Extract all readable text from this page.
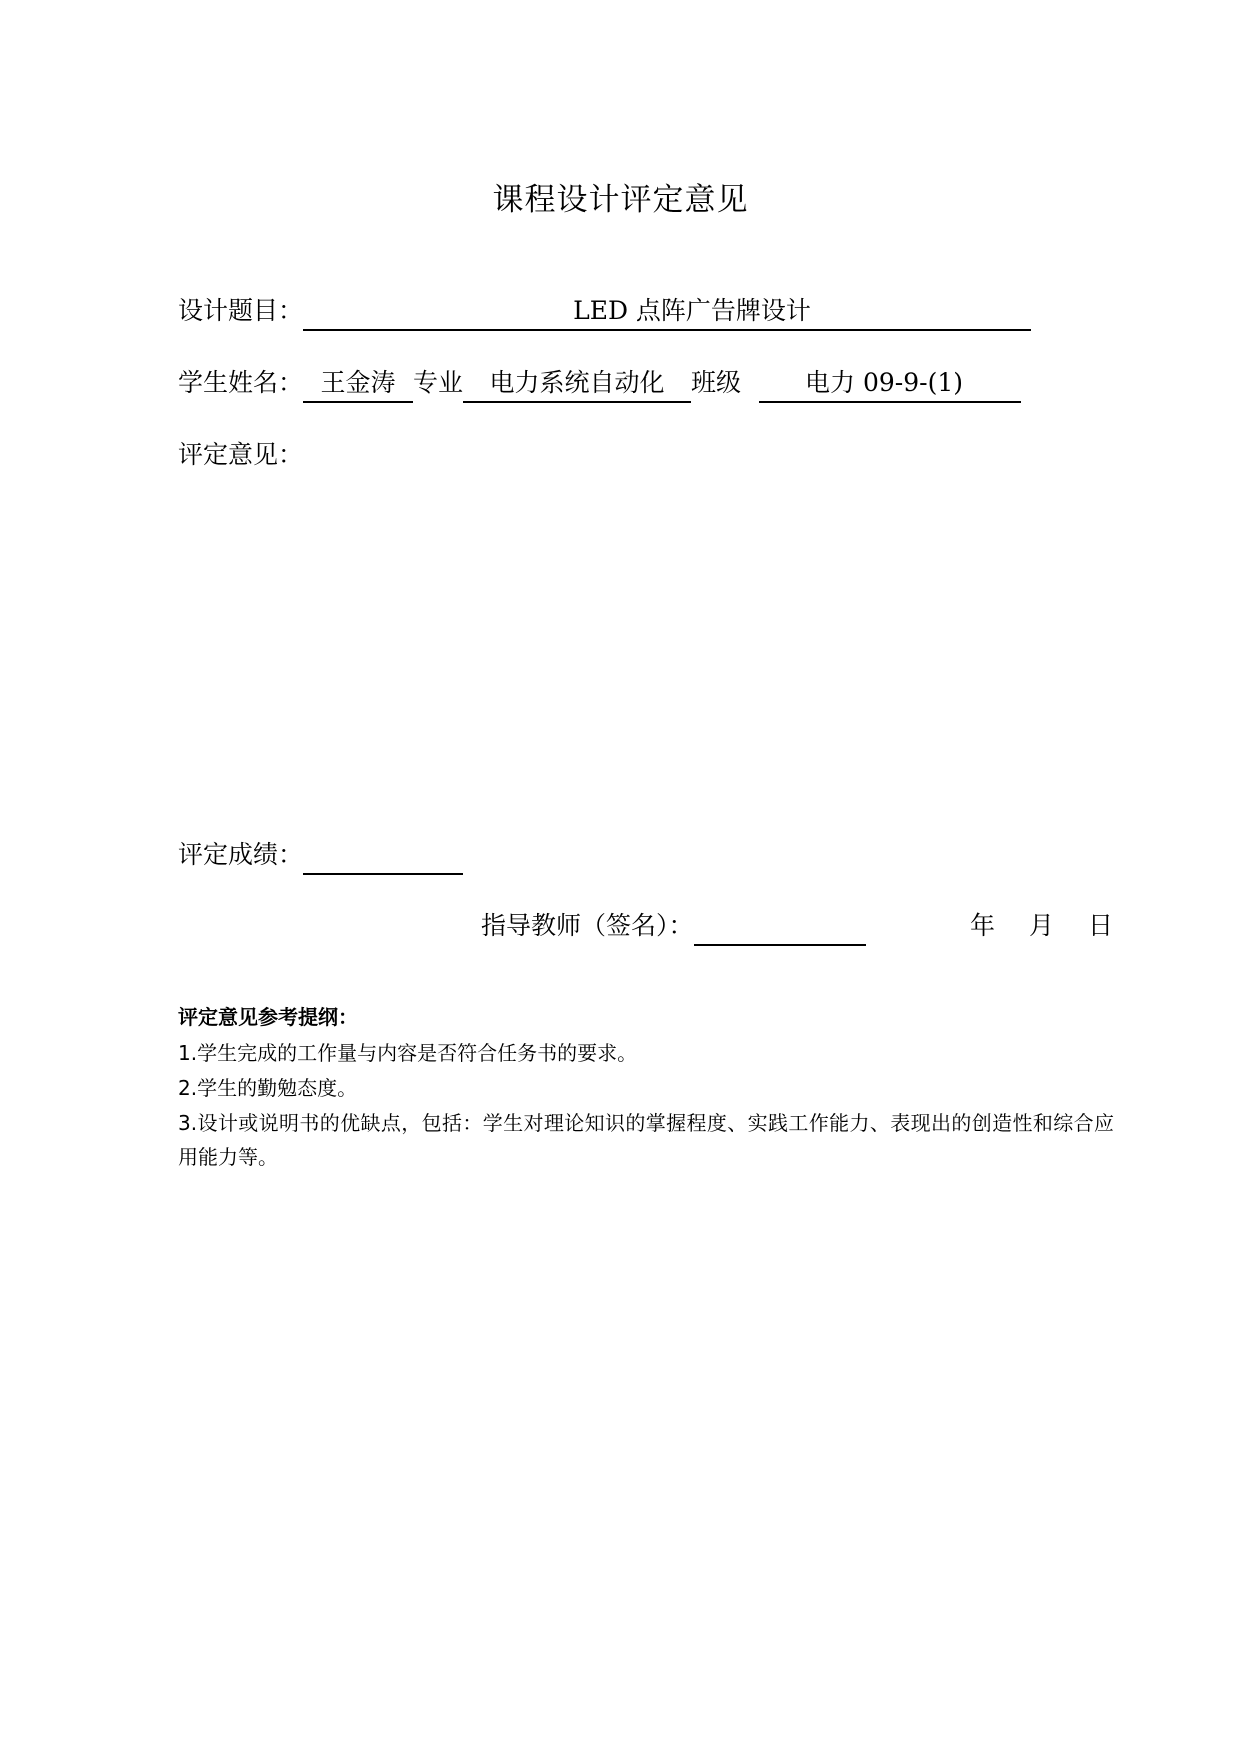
课程设计评定意见
设计题目：	LED 点阵广告牌设计
学生姓名： 王金涛 专业 电力系统自动化 班级	电力 09-9-(1)
评定意见：
评定成绩：
指导教师（签名）：	年 月 日

评定意见参考提纲：

1.学生完成的工作量与内容是否符合任务书的要求。

2.学生的勤勉态度。

3.设计或说明书的优缺点，包括：学生对理论知识的掌握程度、实践工作能力、表现出的创造性和综合应用能力等。
